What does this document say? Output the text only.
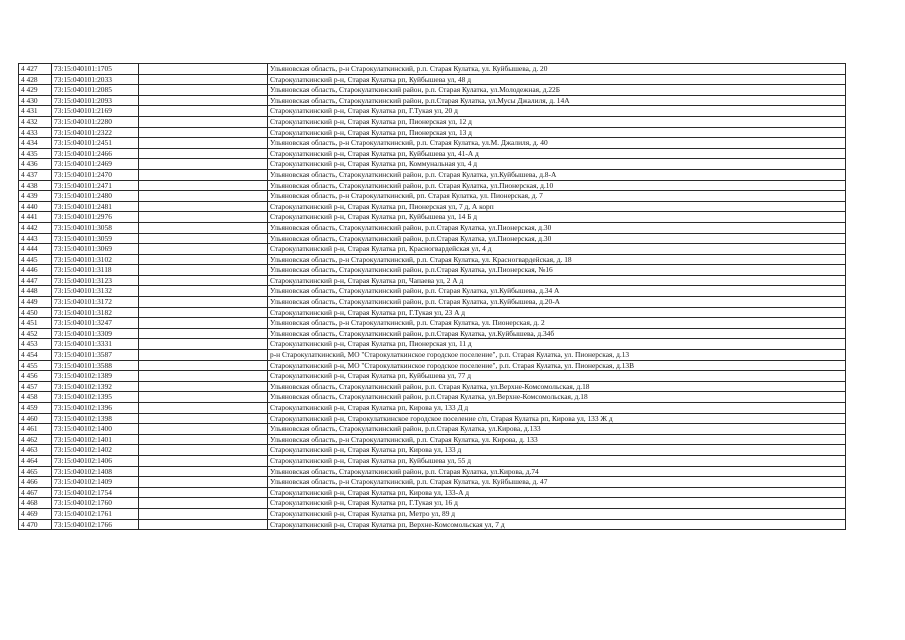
4 427	73:15:040101:1705		Ульяновская область, р-н Старокулаткинский, р.п. Старая Кулатка, ул. Куйбышева, д. 20
4 428	73:15:040101:2033		Старокулаткинский р-н, Старая Кулатка рп, Куйбышева ул, 48 д
4 429	73:15:040101:2085		Ульяновская область, Старокулаткинский район, р.п. Старая Кулатка, ул.Молодежная, д.22Б
4 430	73:15:040101:2093		Ульяновская область, Старокулаткинский район, р.п.Старая Кулатка, ул.Мусы Джалиля, д. 14А
4 431	73:15:040101:2169		Старокулаткинский р-н, Старая Кулатка рп, Г.Тукая ул, 20 д
4 432	73:15:040101:2280		Старокулаткинский р-н, Старая Кулатка рп, Пионерская ул, 12 д
4 433	73:15:040101:2322		Старокулаткинский р-н, Старая Кулатка рп, Пионерская ул, 13 д
4 434	73:15:040101:2451		Ульяновская область, р-н Старокулаткинский, р.п. Старая Кулатка, ул.М. Джалиля, д. 40
4 435	73:15:040101:2466		Старокулаткинский р-н, Старая Кулатка рп, Куйбышева ул, 41-А д
4 436	73:15:040101:2469		Старокулаткинский р-н, Старая Кулатка рп, Коммунальная ул, 4 д
4 437	73:15:040101:2470		Ульяновская область, Старокулаткинский район, р.п. Старая Кулатка, ул.Куйбышева, д.8-А
4 438	73:15:040101:2471		Ульяновская область, Старокулаткинский район, р.п. Старая Кулатка, ул.Пионерская, д.10
4 439	73:15:040101:2480		Ульяновская область, р-н Старокулаткинский, рп. Старая Кулатка, ул. Пионерская, д. 7
4 440	73:15:040101:2481		Старокулаткинский р-н, Старая Кулатка рп, Пионерская ул, 7 д, А корп
4 441	73:15:040101:2976		Старокулаткинский р-н, Старая Кулатка рп, Куйбышева ул, 14 Б д
4 442	73:15:040101:3058		Ульяновская область, Старокулаткинский район, р.п.Старая Кулатка, ул.Пионерская, д.30
4 443	73:15:040101:3059		Ульяновская область, Старокулаткинский район, р.п.Старая Кулатка, ул.Пионерская, д.30
4 444	73:15:040101:3069		Старокулаткинский р-н, Старая Кулатка рп, Красногвардейская ул, 4 д
4 445	73:15:040101:3102		Ульяновская область, р-н Старокулаткинский, р.п. Старая Кулатка, ул. Красногвардейская, д. 18
4 446	73:15:040101:3118		Ульяновская область, Старокулаткинский район, р.п.Старая Кулатка, ул.Пионерская, №16
4 447	73:15:040101:3123		Старокулаткинский р-н, Старая Кулатка рп, Чапаева ул, 2 А д
4 448	73:15:040101:3132		Ульяновская область, Старокулаткинский район, р.п. Старая Кулатка, ул.Куйбышева, д.34 А
4 449	73:15:040101:3172		Ульяновская область, Старокулаткинский район, р.п. Старая Кулатка, ул.Куйбышева, д.20-А
4 450	73:15:040101:3182		Старокулаткинский р-н, Старая Кулатка рп, Г.Тукая ул, 23 А д
4 451	73:15:040101:3247		Ульяновская область, р-н Старокулаткинский, р.п. Старая Кулатка, ул. Пионерская, д. 2
4 452	73:15:040101:3309		Ульяновская область, Старокулаткинский район, р.п.Старая Кулатка, ул.Куйбышева, д.34б
4 453	73:15:040101:3331		Старокулаткинский р-н, Старая Кулатка рп, Пионерская ул, 11 д
4 454	73:15:040101:3587		р-н Старокулаткинский, МО "Старокулаткинское городское поселение", р.п. Старая Кулатка, ул. Пионерская, д.13
4 455	73:15:040101:3588		Старокулаткинский р-н, МО "Старокулаткинское городское поселение", р.п. Старая Кулатка, ул. Пионерская, д.13В
4 456	73:15:040102:1389		Старокулаткинский р-н, Старая Кулатка рп, Куйбышева ул, 77 д
4 457	73:15:040102:1392		Ульяновская область, Старокулаткинский район, р.п. Старая Кулатка, ул.Верхне-Комсомольская, д.18
4 458	73:15:040102:1395		Ульяновская область, Старокулаткинский район, р.п.Старая Кулатка, ул.Верхне-Комсомольская, д.18
4 459	73:15:040102:1396		Старокулаткинский р-н, Старая Кулатка рп, Кирова ул, 133 Д д
4 460	73:15:040102:1398		Старокулаткинский р-н, Старокулаткинское городское поселение с/п, Старая Кулатка рп, Кирова ул, 133 Ж д
4 461	73:15:040102:1400		Ульяновская область, Старокулаткинский район, р.п.Старая Кулатка, ул.Кирова, д.133
4 462	73:15:040102:1401		Ульяновская область, р-н Старокулаткинский, р.п. Старая Кулатка, ул. Кирова, д. 133
4 463	73:15:040102:1402		Старокулаткинский р-н, Старая Кулатка рп, Кирова ул, 133 д
4 464	73:15:040102:1406		Старокулаткинский р-н, Старая Кулатка рп, Куйбышева ул, 55 д
4 465	73:15:040102:1408		Ульяновская область, Старокулаткинский район, р.п. Старая Кулатка, ул.Кирова, д.74
4 466	73:15:040102:1409		Ульяновская область, р-н Старокулаткинский, р.п. Старая Кулатка, ул. Куйбышева, д. 47
4 467	73:15:040102:1754		Старокулаткинский р-н, Старая Кулатка рп, Кирова ул, 133-А д
4 468	73:15:040102:1760		Старокулаткинский р-н, Старая Кулатка рп, Г.Тукая ул, 16 д
4 469	73:15:040102:1761		Старокулаткинский р-н, Старая Кулатка рп, Метро ул, 89 д
4 470	73:15:040102:1766		Старокулаткинский р-н, Старая Кулатка рп, Верхне-Комсомольская ул, 7 д
